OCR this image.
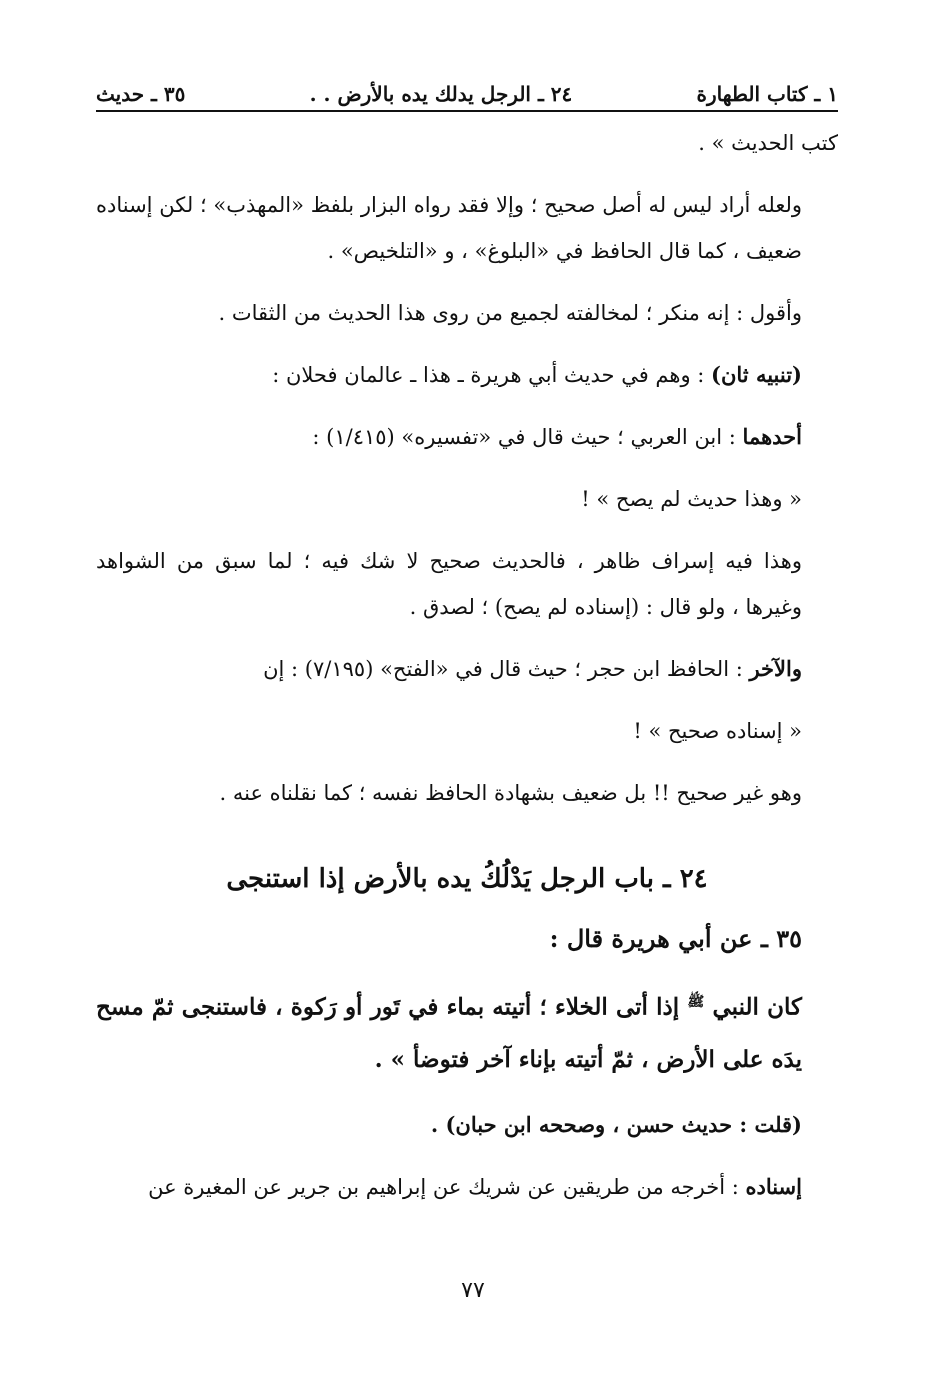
١ ـ كتاب الطهارة
٢٤ ـ الرجل يدلك يده بالأرض . .
٣٥ ـ حديث

كتب الحديث » .

ولعله أراد ليس له أصل صحيح ؛ وإلا فقد رواه البزار بلفظ «المهذب» ؛ لكن إسناده ضعيف ، كما قال الحافظ في «البلوغ» ، و «التلخيص» .

وأقول : إنه منكر ؛ لمخالفته لجميع من روى هذا الحديث من الثقات .

(تنبيه ثان) : وهم في حديث أبي هريرة ـ هذا ـ عالمان فحلان :

أحدهما : ابن العربي ؛ حيث قال في «تفسيره» (١/٤١٥) :

« وهذا حديث لم يصح » !

وهذا فيه إسراف ظاهر ، فالحديث صحيح لا شك فيه ؛ لما سبق من الشواهد وغيرها ، ولو قال : (إسناده لم يصح) ؛ لصدق .

والآخر : الحافظ ابن حجر ؛ حيث قال في «الفتح» (٧/١٩٥) : إن

« إسناده صحيح » !

وهو غير صحيح !! بل ضعيف بشهادة الحافظ نفسه ؛ كما نقلناه عنه .

٢٤ ـ باب الرجل يَدْلُكُ يده بالأرض إذا استنجى
٣٥ ـ عن أبي هريرة قال :

كان النبي $^ﷺ$ إذا أتى الخلاء ؛ أتيته بماء في تَور أو رَكوة ، فاستنجى ثمّ مسح يدَه على الأرض ، ثمّ أتيته بإناء آخر فتوضأ » .

(قلت : حديث حسن ، وصححه ابن حبان) .

إسناده : أخرجه من طريقين عن شريك عن إبراهيم بن جرير عن المغيرة عن

٧٧
